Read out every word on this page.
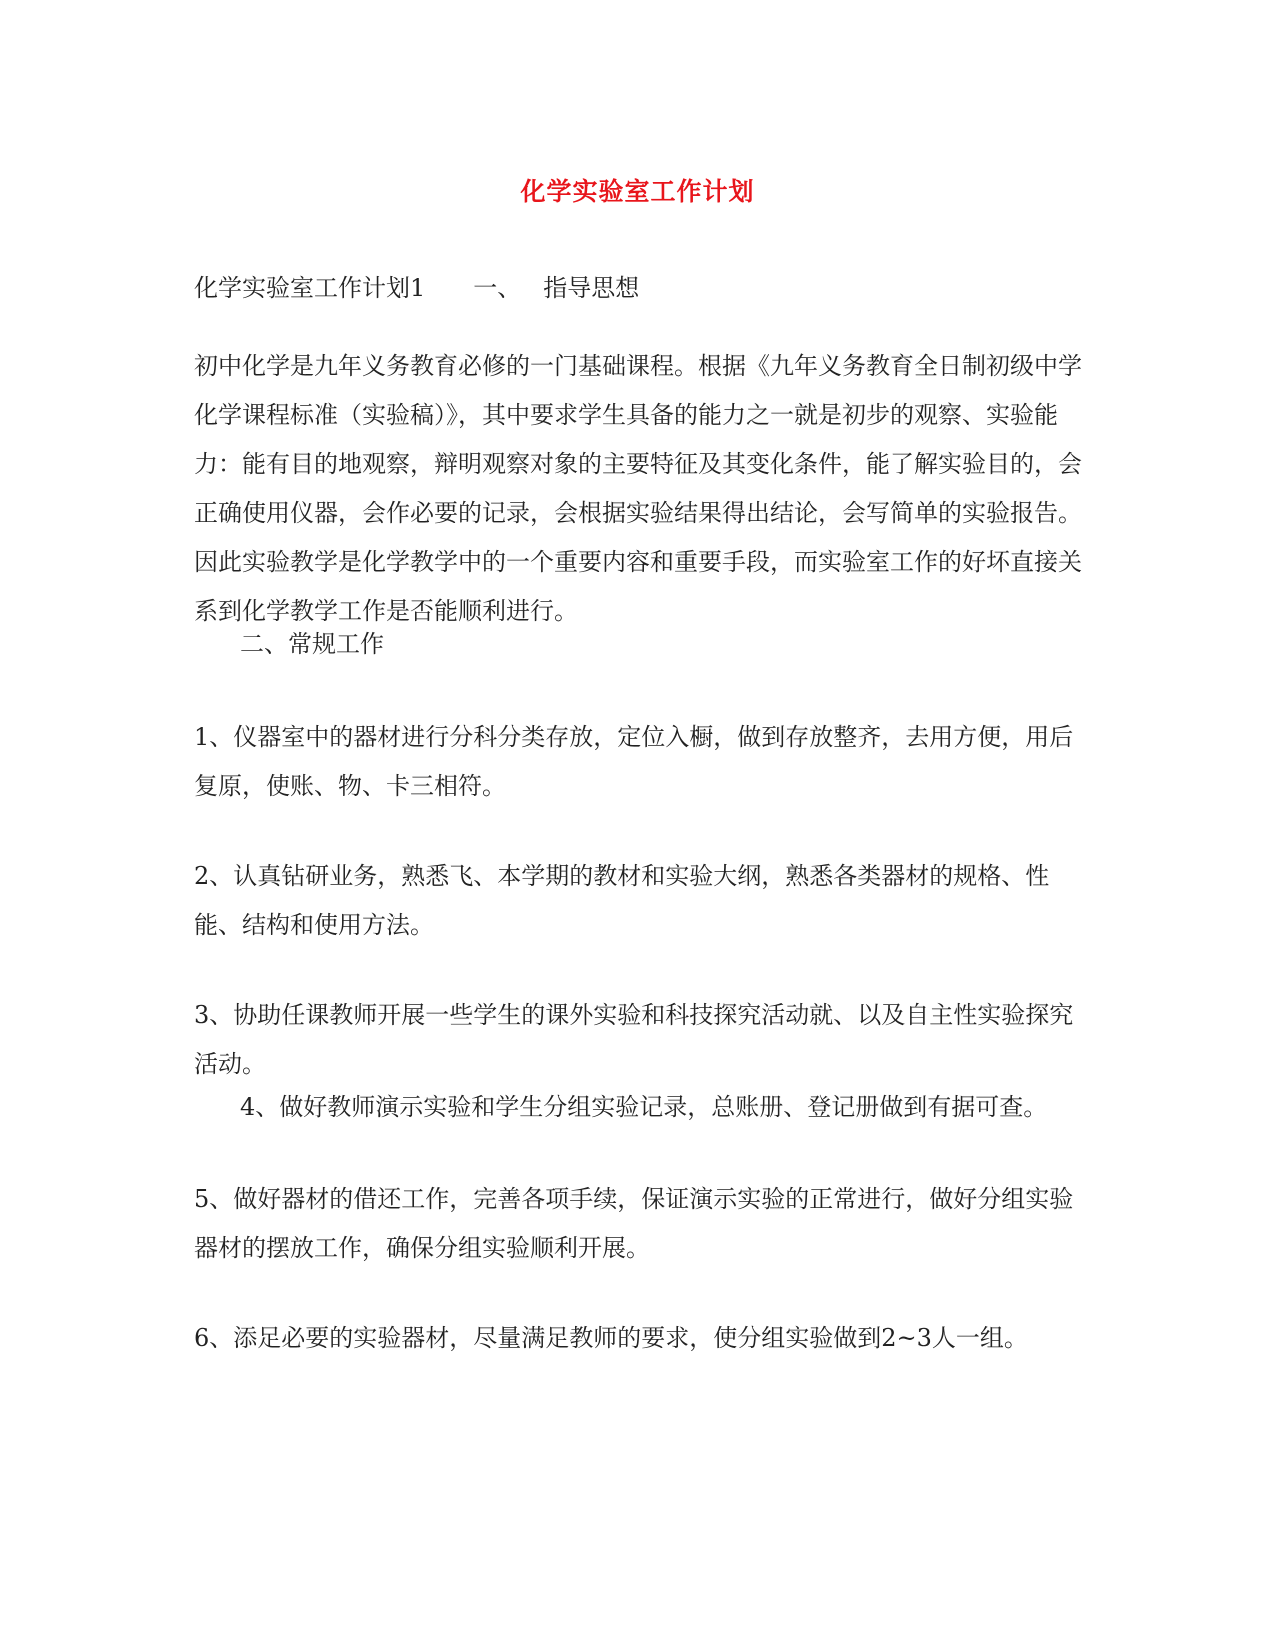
化学实验室工作计划
化学实验室工作计划1 一、 指导思想

初中化学是九年义务教育必修的一门基础课程。根据《九年义务教育全日制初级中学化学课程标准（实验稿）》，其中要求学生具备的能力之一就是初步的观察、实验能力：能有目的地观察，辩明观察对象的主要特征及其变化条件，能了解实验目的，会正确使用仪器，会作必要的记录，会根据实验结果得出结论，会写简单的实验报告。因此实验教学是化学教学中的一个重要内容和重要手段，而实验室工作的好坏直接关系到化学教学工作是否能顺利进行。

二、常规工作

1、仪器室中的器材进行分科分类存放，定位入橱，做到存放整齐，去用方便，用后复原，使账、物、卡三相符。

2、认真钻研业务，熟悉飞、本学期的教材和实验大纲，熟悉各类器材的规格、性能、结构和使用方法。

3、协助任课教师开展一些学生的课外实验和科技探究活动就、以及自主性实验探究活动。

4、做好教师演示实验和学生分组实验记录，总账册、登记册做到有据可查。

5、做好器材的借还工作，完善各项手续，保证演示实验的正常进行，做好分组实验器材的摆放工作，确保分组实验顺利开展。

6、添足必要的实验器材，尽量满足教师的要求，使分组实验做到2~3人一组。
